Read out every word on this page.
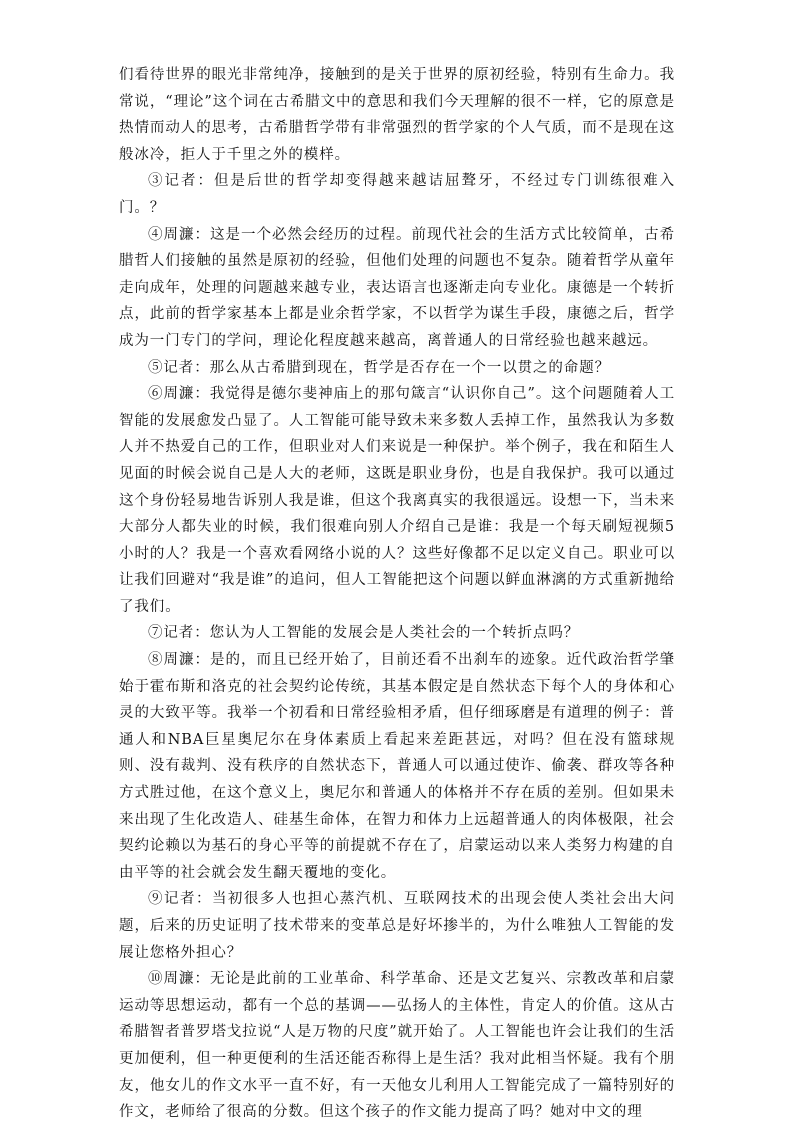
们看待世界的眼光非常纯净，接触到的是关于世界的原初经验，特别有生命力。我常说，“理论”这个词在古希腊文中的意思和我们今天理解的很不一样，它的原意是热情而动人的思考，古希腊哲学带有非常强烈的哲学家的个人气质，而不是现在这般冰冷，拒人于千里之外的模样。

③记者：但是后世的哲学却变得越来越诘屈聱牙，不经过专门训练很难入门。？

④周濂：这是一个必然会经历的过程。前现代社会的生活方式比较简单，古希腊哲人们接触的虽然是原初的经验，但他们处理的问题也不复杂。随着哲学从童年走向成年，处理的问题越来越专业，表达语言也逐渐走向专业化。康德是一个转折点，此前的哲学家基本上都是业余哲学家，不以哲学为谋生手段，康德之后，哲学成为一门专门的学问，理论化程度越来越高，离普通人的日常经验也越来越远。

⑤记者：那么从古希腊到现在，哲学是否存在一个一以贯之的命题？

⑥周濂：我觉得是德尔斐神庙上的那句箴言“认识你自己”。这个问题随着人工智能的发展愈发凸显了。人工智能可能导致未来多数人丢掉工作，虽然我认为多数人并不热爱自己的工作，但职业对人们来说是一种保护。举个例子，我在和陌生人见面的时候会说自己是人大的老师，这既是职业身份，也是自我保护。我可以通过这个身份轻易地告诉别人我是谁，但这个我离真实的我很遥远。设想一下，当未来大部分人都失业的时候，我们很难向别人介绍自己是谁：我是一个每天刷短视频5小时的人？我是一个喜欢看网络小说的人？这些好像都不足以定义自己。职业可以让我们回避对“我是谁”的追问，但人工智能把这个问题以鲜血淋漓的方式重新抛给了我们。

⑦记者：您认为人工智能的发展会是人类社会的一个转折点吗？

⑧周濂：是的，而且已经开始了，目前还看不出刹车的迹象。近代政治哲学肇始于霍布斯和洛克的社会契约论传统，其基本假定是自然状态下每个人的身体和心灵的大致平等。我举一个初看和日常经验相矛盾，但仔细琢磨是有道理的例子：普通人和NBA巨星奥尼尔在身体素质上看起来差距甚远，对吗？但在没有篮球规则、没有裁判、没有秩序的自然状态下，普通人可以通过使诈、偷袭、群攻等各种方式胜过他，在这个意义上，奥尼尔和普通人的体格并不存在质的差别。但如果未来出现了生化改造人、硅基生命体，在智力和体力上远超普通人的肉体极限，社会契约论赖以为基石的身心平等的前提就不存在了，启蒙运动以来人类努力构建的自由平等的社会就会发生翻天覆地的变化。

⑨记者：当初很多人也担心蒸汽机、互联网技术的出现会使人类社会出大问题，后来的历史证明了技术带来的变革总是好坏掺半的，为什么唯独人工智能的发展让您格外担心？

⑩周濂：无论是此前的工业革命、科学革命、还是文艺复兴、宗教改革和启蒙运动等思想运动，都有一个总的基调——弘扬人的主体性，肯定人的价值。这从古希腊智者普罗塔戈拉说“人是万物的尺度”就开始了。人工智能也许会让我们的生活更加便利，但一种更便利的生活还能否称得上是生活？我对此相当怀疑。我有个朋友，他女儿的作文水平一直不好，有一天他女儿利用人工智能完成了一篇特别好的作文，老师给了很高的分数。但这个孩子的作文能力提高了吗？她对中文的理
